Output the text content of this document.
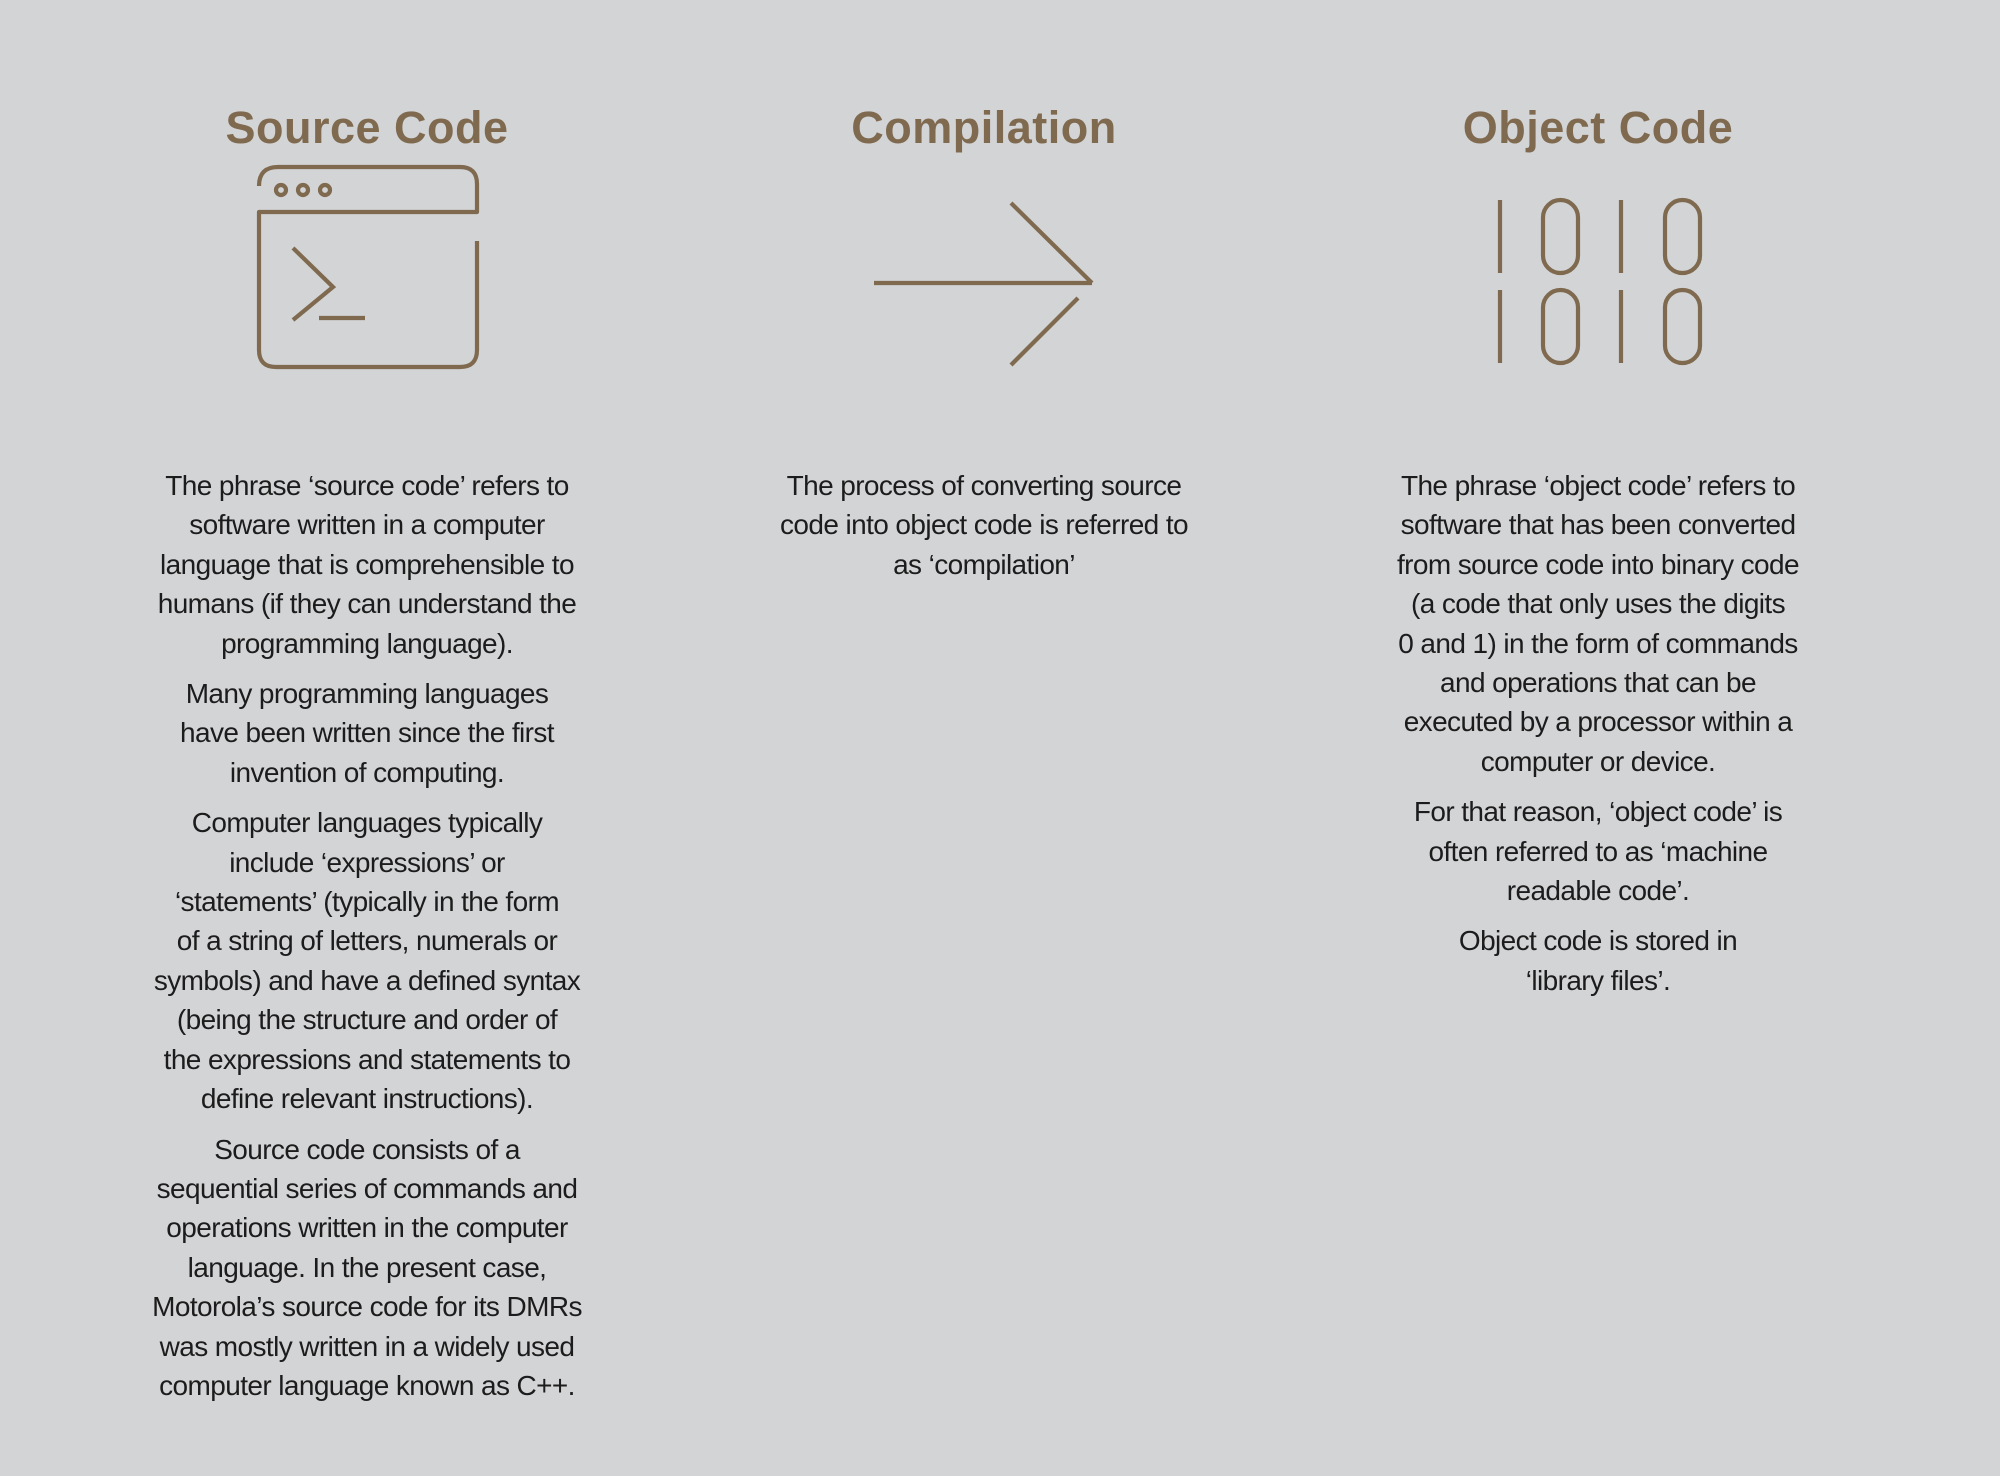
Source Code

The phrase ‘source code’ refers to
software written in a computer
language that is comprehensible to
humans (if they can understand the
programming language).

Many programming languages
have been written since the first
invention of computing.

Computer languages typically
include ‘expressions’ or
‘statements’ (typically in the form
of a string of letters, numerals or
symbols) and have a defined syntax
(being the structure and order of
the expressions and statements to
define relevant instructions).

Source code consists of a
sequential series of commands and
operations written in the computer
language. In the present case,
Motorola’s source code for its DMRs
was mostly written in a widely used
computer language known as C++.

Compilation

The process of converting source
code into object code is referred to
as ‘compilation’

Object Code

The phrase ‘object code’ refers to
software that has been converted
from source code into binary code
(a code that only uses the digits
0 and 1) in the form of commands
and operations that can be
executed by a processor within a
computer or device.

For that reason, ‘object code’ is
often referred to as ‘machine
readable code’.

Object code is stored in
‘library files’.
